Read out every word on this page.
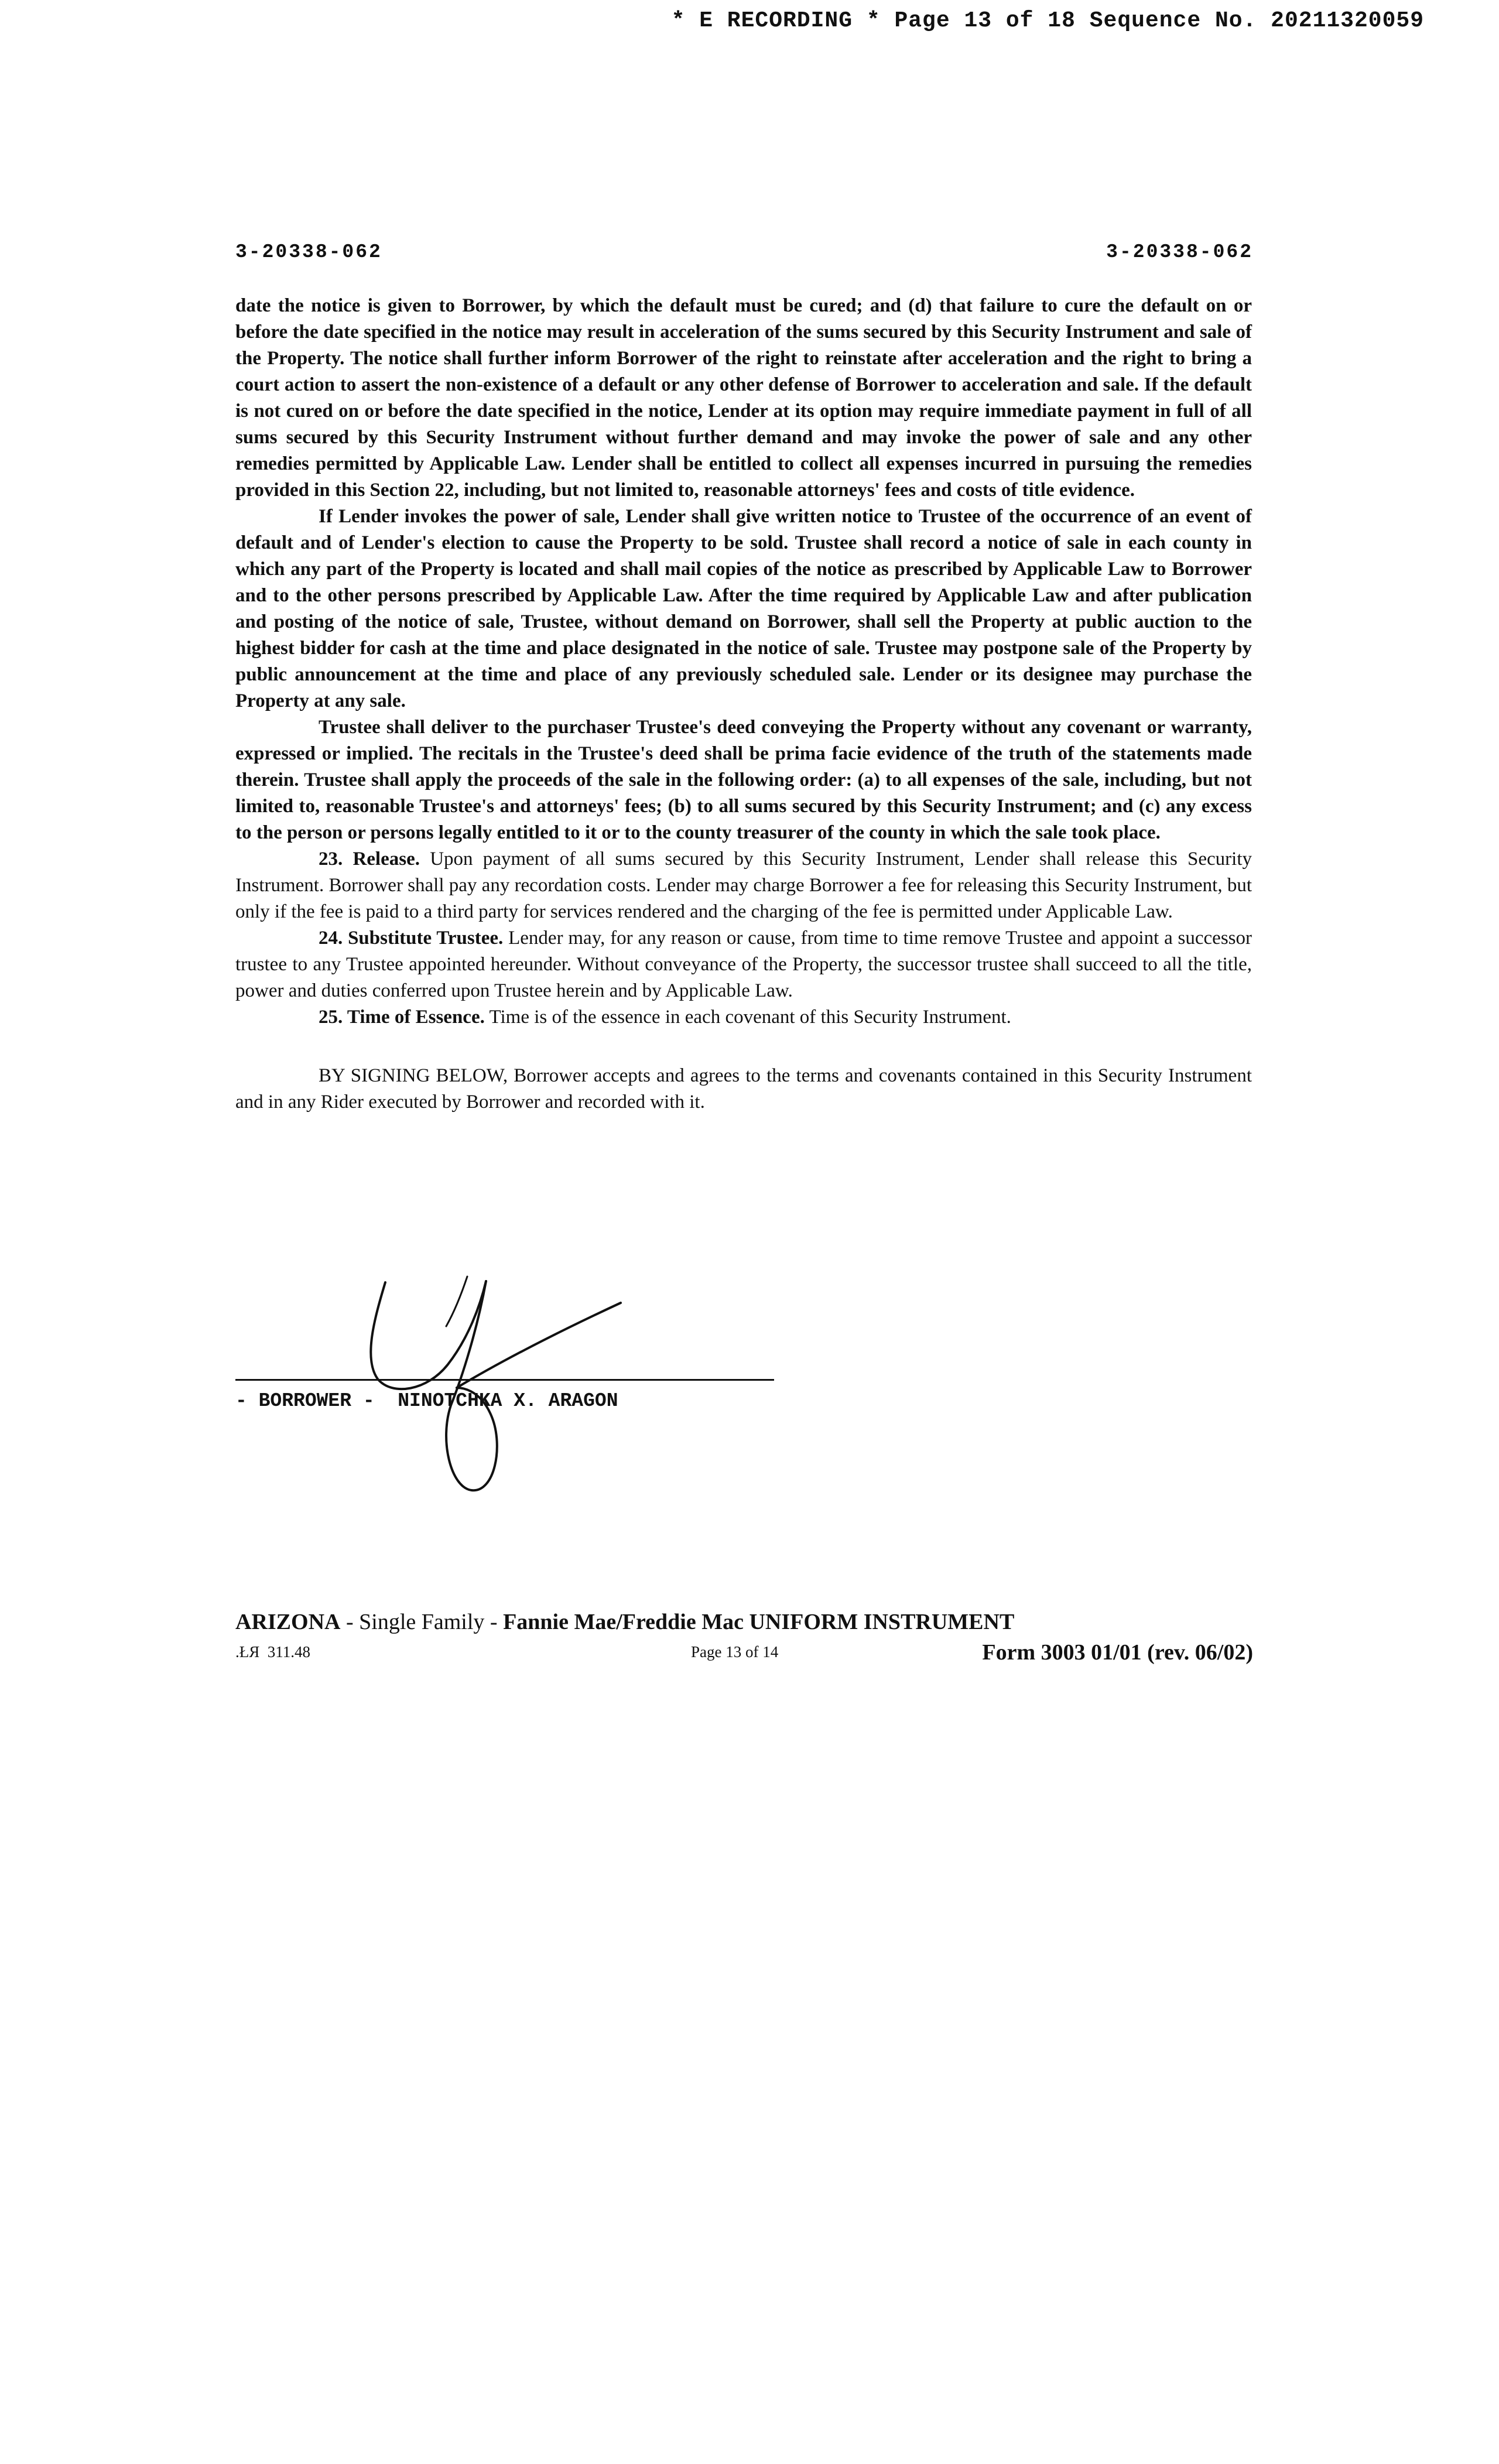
* E RECORDING * Page 13 of 18 Sequence No. 20211320059
3-20338-062	3-20338-062

date the notice is given to Borrower, by which the default must be cured; and (d) that failure to cure the default on or before the date specified in the notice may result in acceleration of the sums secured by this Security Instrument and sale of the Property. The notice shall further inform Borrower of the right to reinstate after acceleration and the right to bring a court action to assert the non-existence of a default or any other defense of Borrower to acceleration and sale. If the default is not cured on or before the date specified in the notice, Lender at its option may require immediate payment in full of all sums secured by this Security Instrument without further demand and may invoke the power of sale and any other remedies permitted by Applicable Law. Lender shall be entitled to collect all expenses incurred in pursuing the remedies provided in this Section 22, including, but not limited to, reasonable attorneys' fees and costs of title evidence.

If Lender invokes the power of sale, Lender shall give written notice to Trustee of the occurrence of an event of default and of Lender's election to cause the Property to be sold. Trustee shall record a notice of sale in each county in which any part of the Property is located and shall mail copies of the notice as prescribed by Applicable Law to Borrower and to the other persons prescribed by Applicable Law. After the time required by Applicable Law and after publication and posting of the notice of sale, Trustee, without demand on Borrower, shall sell the Property at public auction to the highest bidder for cash at the time and place designated in the notice of sale. Trustee may postpone sale of the Property by public announcement at the time and place of any previously scheduled sale. Lender or its designee may purchase the Property at any sale.

Trustee shall deliver to the purchaser Trustee's deed conveying the Property without any covenant or warranty, expressed or implied. The recitals in the Trustee's deed shall be prima facie evidence of the truth of the statements made therein. Trustee shall apply the proceeds of the sale in the following order: (a) to all expenses of the sale, including, but not limited to, reasonable Trustee's and attorneys' fees; (b) to all sums secured by this Security Instrument; and (c) any excess to the person or persons legally entitled to it or to the county treasurer of the county in which the sale took place.

23. Release. Upon payment of all sums secured by this Security Instrument, Lender shall release this Security Instrument. Borrower shall pay any recordation costs. Lender may charge Borrower a fee for releasing this Security Instrument, but only if the fee is paid to a third party for services rendered and the charging of the fee is permitted under Applicable Law.

24. Substitute Trustee. Lender may, for any reason or cause, from time to time remove Trustee and appoint a successor trustee to any Trustee appointed hereunder. Without conveyance of the Property, the successor trustee shall succeed to all the title, power and duties conferred upon Trustee herein and by Applicable Law.

25. Time of Essence. Time is of the essence in each covenant of this Security Instrument.

BY SIGNING BELOW, Borrower accepts and agrees to the terms and covenants contained in this Security Instrument and in any Rider executed by Borrower and recorded with it.

- BORROWER -  NINOTCHKA X. ARAGON
ARIZONA - Single Family - Fannie Mae/Freddie Mac UNIFORM INSTRUMENT
.ŁЯ  311.48	Page 13 of 14	Form 3003 01/01 (rev. 06/02)
